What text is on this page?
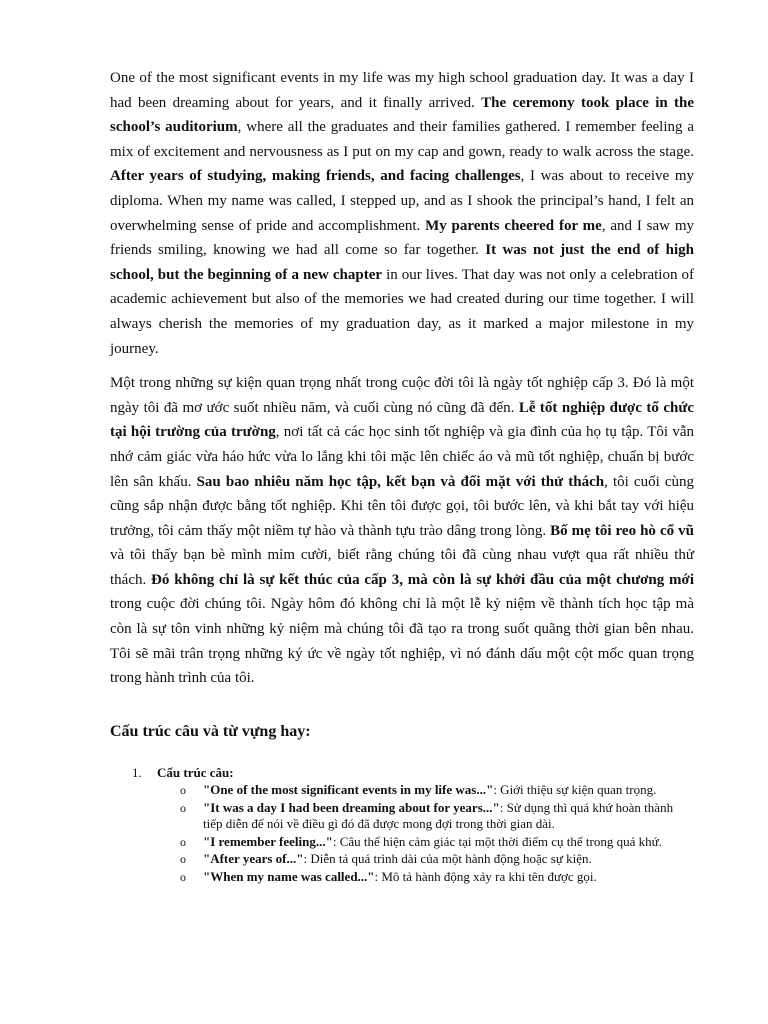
One of the most significant events in my life was my high school graduation day. It was a day I had been dreaming about for years, and it finally arrived. The ceremony took place in the school’s auditorium, where all the graduates and their families gathered. I remember feeling a mix of excitement and nervousness as I put on my cap and gown, ready to walk across the stage. After years of studying, making friends, and facing challenges, I was about to receive my diploma. When my name was called, I stepped up, and as I shook the principal’s hand, I felt an overwhelming sense of pride and accomplishment. My parents cheered for me, and I saw my friends smiling, knowing we had all come so far together. It was not just the end of high school, but the beginning of a new chapter in our lives. That day was not only a celebration of academic achievement but also of the memories we had created during our time together. I will always cherish the memories of my graduation day, as it marked a major milestone in my journey.

Một trong những sự kiện quan trọng nhất trong cuộc đời tôi là ngày tốt nghiệp cấp 3. Đó là một ngày tôi đã mơ ước suốt nhiều năm, và cuối cùng nó cũng đã đến. Lễ tốt nghiệp được tổ chức tại hội trường của trường, nơi tất cả các học sinh tốt nghiệp và gia đình của họ tụ tập. Tôi vẫn nhớ cảm giác vừa háo hức vừa lo lắng khi tôi mặc lên chiếc áo và mũ tốt nghiệp, chuẩn bị bước lên sân khấu. Sau bao nhiêu năm học tập, kết bạn và đối mặt với thử thách, tôi cuối cùng cũng sắp nhận được bằng tốt nghiệp. Khi tên tôi được gọi, tôi bước lên, và khi bắt tay với hiệu trưởng, tôi cảm thấy một niềm tự hào và thành tựu trào dâng trong lòng. Bố mẹ tôi reo hò cổ vũ và tôi thấy bạn bè mình mỉm cười, biết rằng chúng tôi đã cùng nhau vượt qua rất nhiều thử thách. Đó không chỉ là sự kết thúc của cấp 3, mà còn là sự khởi đầu của một chương mới trong cuộc đời chúng tôi. Ngày hôm đó không chỉ là một lễ kỷ niệm về thành tích học tập mà còn là sự tôn vinh những kỷ niệm mà chúng tôi đã tạo ra trong suốt quãng thời gian bên nhau. Tôi sẽ mãi trân trọng những ký ức về ngày tốt nghiệp, vì nó đánh dấu một cột mốc quan trọng trong hành trình của tôi.

Cấu trúc câu và từ vựng hay:
1. Cấu trúc câu:
o "One of the most significant events in my life was...": Giới thiệu sự kiện quan trọng.
o "It was a day I had been dreaming about for years...": Sử dụng thì quá khứ hoàn thành tiếp diễn để nói về điều gì đó đã được mong đợi trong thời gian dài.
o "I remember feeling...": Câu thể hiện cảm giác tại một thời điểm cụ thể trong quá khứ.
o "After years of...": Diễn tả quá trình dài của một hành động hoặc sự kiện.
o "When my name was called...": Mô tả hành động xảy ra khi tên được gọi.
